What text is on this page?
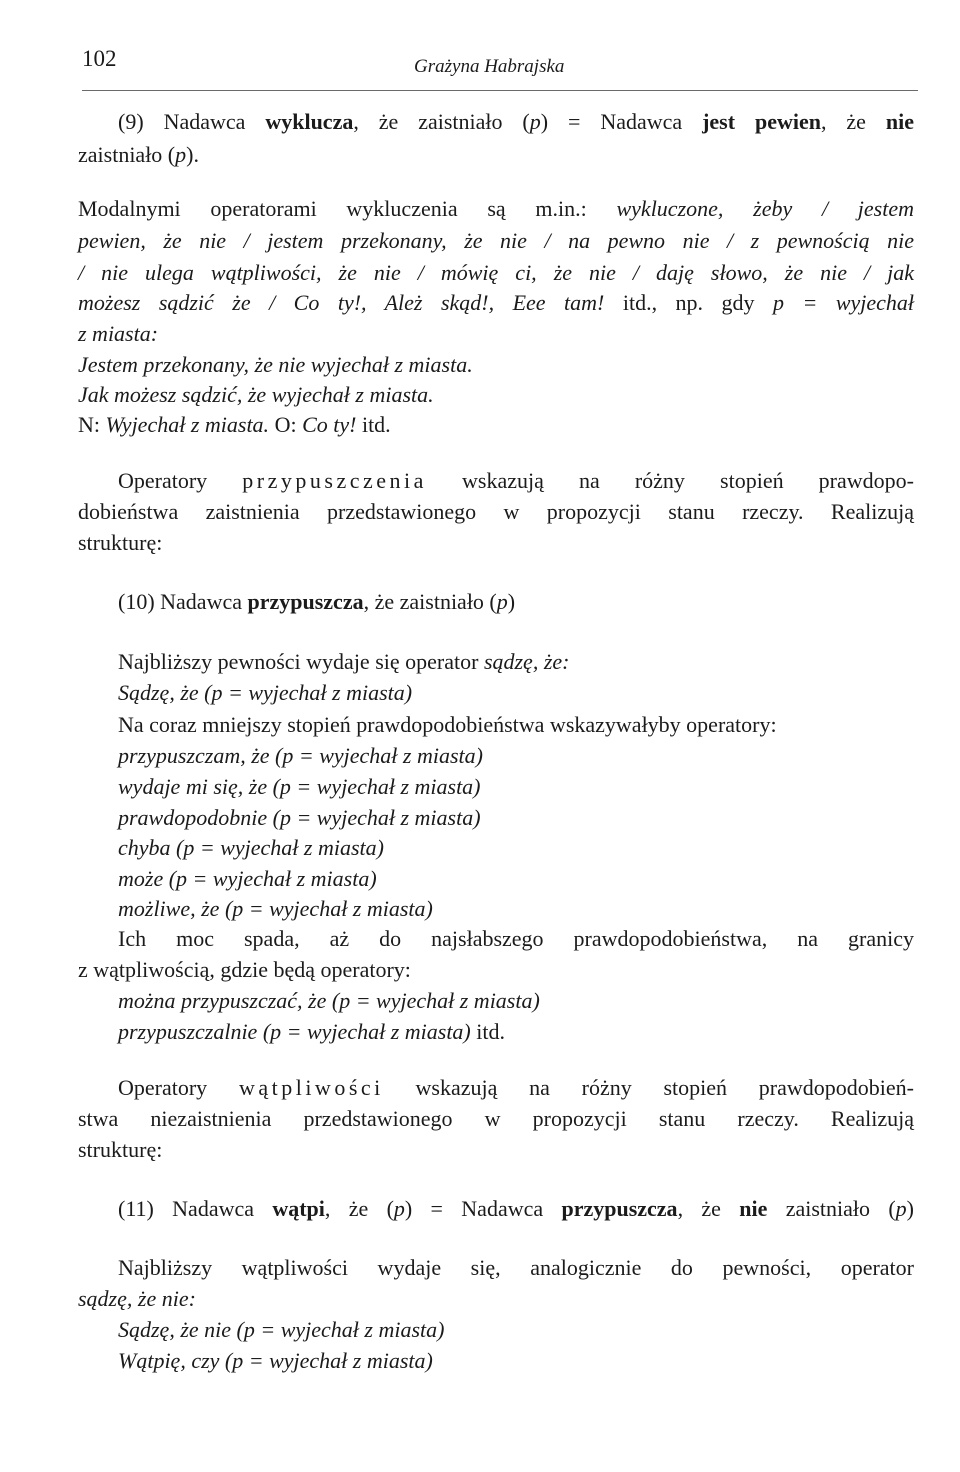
102	Grażyna Habrajska
(9) Nadawca wyklucza, że zaistniało (p) = Nadawca jest pewien, że nie
zaistniało (p).
Modalnymi operatorami wykluczenia są m.in.: wykluczone, żeby / jestem
pewien, że nie / jestem przekonany, że nie / na pewno nie / z pewnością nie
/ nie ulega wątpliwości, że nie / mówię ci, że nie / daję słowo, że nie / jak
możesz sądzić że / Co ty!, Ależ skąd!, Eee tam! itd., np. gdy p = wyjechał
z miasta:
Jestem przekonany, że nie wyjechał z miasta.
Jak możesz sądzić, że wyjechał z miasta.
N: Wyjechał z miasta. O: Co ty! itd.
Operatory przypuszczenia wskazują na różny stopień prawdopo-
dobieństwa zaistnienia przedstawionego w propozycji stanu rzeczy. Realizują
strukturę:
(10) Nadawca przypuszcza, że zaistniało (p)
Najbliższy pewności wydaje się operator sądzę, że:
Sądzę, że (p = wyjechał z miasta)
Na coraz mniejszy stopień prawdopodobieństwa wskazywałyby operatory:
przypuszczam, że (p = wyjechał z miasta)
wydaje mi się, że (p = wyjechał z miasta)
prawdopodobnie (p = wyjechał z miasta)
chyba (p = wyjechał z miasta)
może (p = wyjechał z miasta)
możliwe, że (p = wyjechał z miasta)
Ich moc spada, aż do najsłabszego prawdopodobieństwa, na granicy
z wątpliwością, gdzie będą operatory:
można przypuszczać, że (p = wyjechał z miasta)
przypuszczalnie (p = wyjechał z miasta) itd.
Operatory wątpliwości wskazują na różny stopień prawdopodobień-
stwa niezaistnienia przedstawionego w propozycji stanu rzeczy. Realizują
strukturę:
(11) Nadawca wątpi, że (p) = Nadawca przypuszcza, że nie zaistniało (p)
Najbliższy wątpliwości wydaje się, analogicznie do pewności, operator
sądzę, że nie:
Sądzę, że nie (p = wyjechał z miasta)
Wątpię, czy (p = wyjechał z miasta)
